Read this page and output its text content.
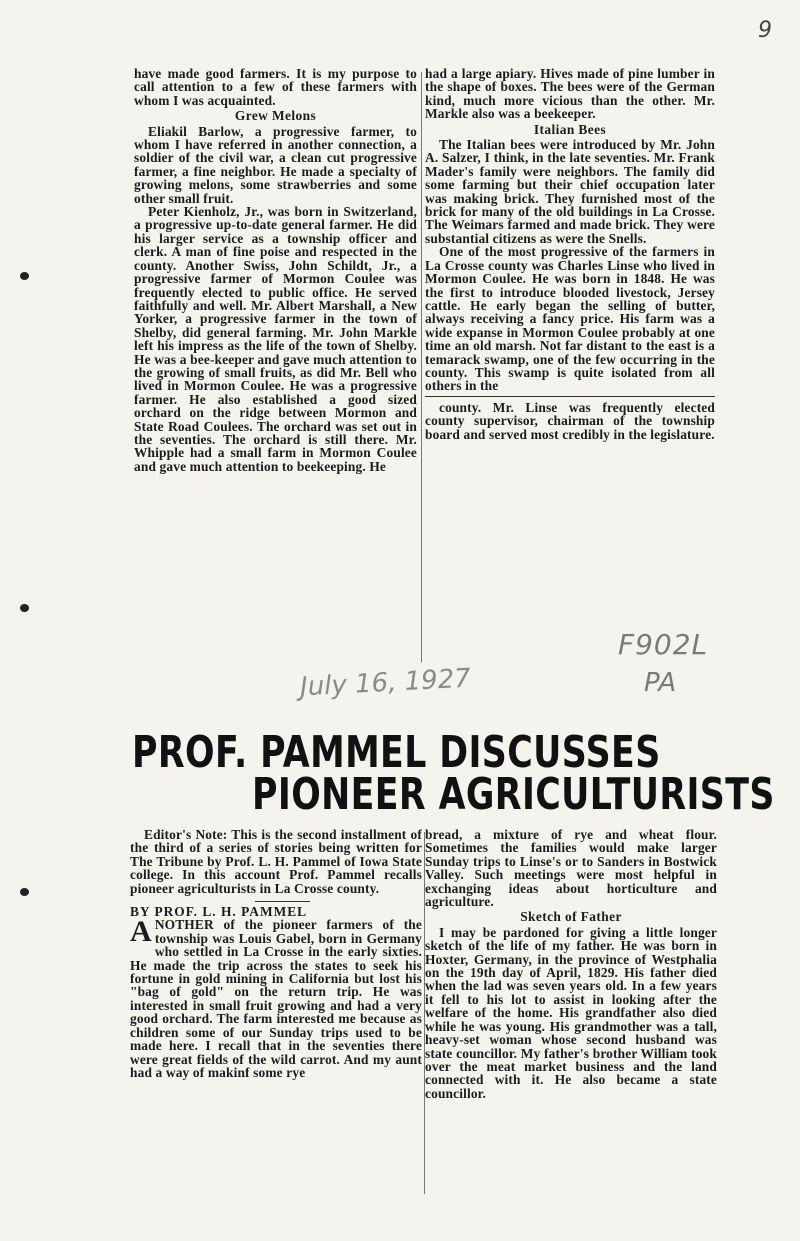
9

have made good farmers. It is my purpose to call attention to a few of these farmers with whom I was acquainted.

Grew Melons

Eliakil Barlow, a progressive farmer, to whom I have referred in another connection, a soldier of the civil war, a clean cut progressive farmer, a fine neighbor. He made a specialty of growing melons, some strawberries and some other small fruit.

Peter Kienholz, Jr., was born in Switzerland, a progressive up-to-date general farmer. He did his larger service as a township officer and clerk. A man of fine poise and respected in the county. Another Swiss, John Schildt, Jr., a progressive farmer of Mormon Coulee was frequently elected to public office. He served faithfully and well. Mr. Albert Marshall, a New Yorker, a progressive farmer in the town of Shelby, did general farming. Mr. John Markle left his impress as the life of the town of Shelby. He was a bee-keeper and gave much attention to the growing of small fruits, as did Mr. Bell who lived in Mormon Coulee. He was a progressive farmer. He also established a good sized orchard on the ridge between Mormon and State Road Coulees. The orchard was set out in the seventies. The orchard is still there. Mr. Whipple had a small farm in Mormon Coulee and gave much attention to beekeeping. He

had a large apiary. Hives made of pine lumber in the shape of boxes. The bees were of the German kind, much more vicious than the other. Mr. Markle also was a beekeeper.

Italian Bees

The Italian bees were introduced by Mr. John A. Salzer, I think, in the late seventies. Mr. Frank Mader's family were neighbors. The family did some farming but their chief occupation later was making brick. They furnished most of the brick for many of the old buildings in La Crosse. The Weimars farmed and made brick. They were substantial citizens as were the Snells.

One of the most progressive of the farmers in La Crosse county was Charles Linse who lived in Mormon Coulee. He was born in 1848. He was the first to introduce blooded livestock, Jersey cattle. He early began the selling of butter, always receiving a fancy price. His farm was a wide expanse in Mormon Coulee probably at one time an old marsh. Not far distant to the east is a temarack swamp, one of the few occurring in the county. This swamp is quite isolated from all others in the

county. Mr. Linse was frequently elected county supervisor, chairman of the township board and served most credibly in the legislature.

July 16, 1927
F902L
PA
PROF. PAMMEL DISCUSSES
PIONEER AGRICULTURISTS

Editor's Note: This is the second installment of the third of a series of stories being written for The Tribune by Prof. L. H. Pammel of Iowa State college. In this account Prof. Pammel recalls pioneer agriculturists in La Crosse county.

BY PROF. L. H. PAMMEL

ANOTHER of the pioneer farmers of the township was Louis Gabel, born in Germany who settled in La Crosse in the early sixties. He made the trip across the states to seek his fortune in gold mining in California but lost his "bag of gold" on the return trip. He was interested in small fruit growing and had a very good orchard. The farm interested me because as children some of our Sunday trips used to be made here. I recall that in the seventies there were great fields of the wild carrot. And my aunt had a way of makinf some rye

bread, a mixture of rye and wheat flour. Sometimes the families would make larger Sunday trips to Linse's or to Sanders in Bostwick Valley. Such meetings were most helpful in exchanging ideas about horticulture and agriculture.

Sketch of Father

I may be pardoned for giving a little longer sketch of the life of my father. He was born in Hoxter, Germany, in the province of Westphalia on the 19th day of April, 1829. His father died when the lad was seven years old. In a few years it fell to his lot to assist in looking after the welfare of the home. His grandfather also died while he was young. His grandmother was a tall, heavy-set woman whose second husband was state councillor. My father's brother William took over the meat market business and the land connected with it. He also became a state councillor.
